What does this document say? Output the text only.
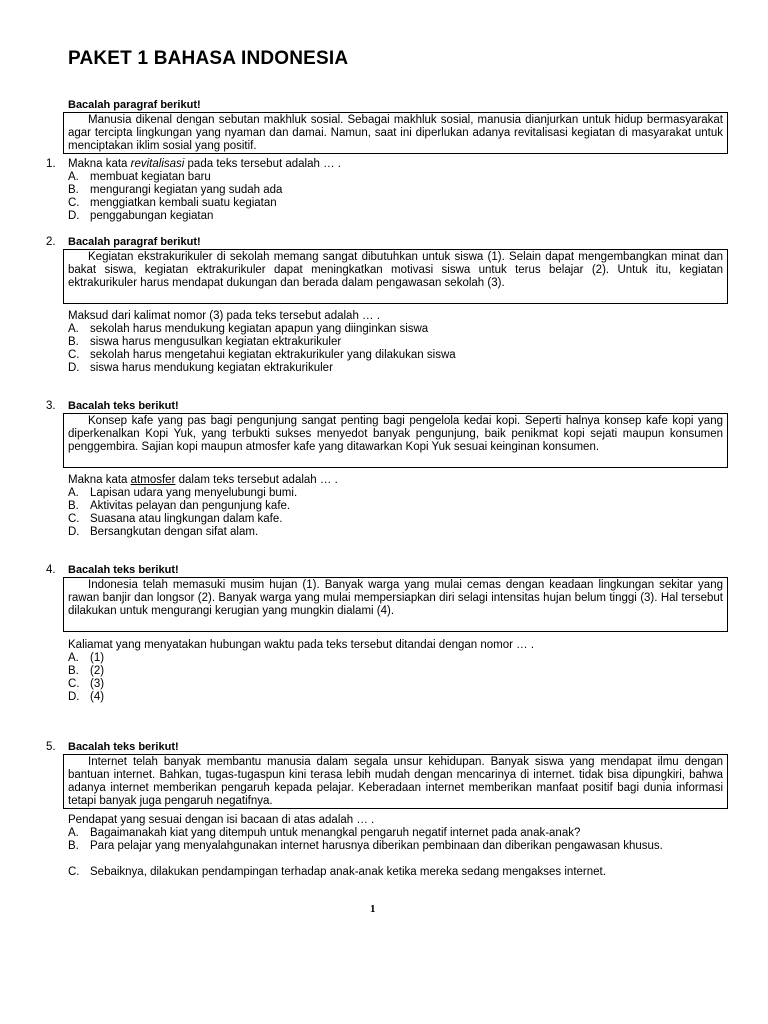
PAKET 1 BAHASA INDONESIA
Bacalah paragraf berikut!

Manusia dikenal dengan sebutan makhluk sosial. Sebagai makhluk sosial, manusia dianjurkan untuk hidup bermasyarakat agar tercipta lingkungan yang nyaman dan damai. Namun, saat ini diperlukan adanya revitalisasi kegiatan di masyarakat untuk menciptakan iklim sosial yang positif.

1. Makna kata revitalisasi pada teks tersebut adalah … .
A. membuat kegiatan baru
B. mengurangi kegiatan yang sudah ada
C. menggiatkan kembali suatu kegiatan
D. penggabungan kegiatan
2. Bacalah paragraf berikut!

Kegiatan ekstrakurikuler di sekolah memang sangat dibutuhkan untuk siswa (1). Selain dapat mengembangkan minat dan bakat siswa, kegiatan ektrakurikuler dapat meningkatkan motivasi siswa untuk terus belajar (2). Untuk itu, kegiatan ektrakurikuler harus mendapat dukungan dan berada dalam pengawasan sekolah (3).

Maksud dari kalimat nomor (3) pada teks tersebut adalah … .
A. sekolah harus mendukung kegiatan apapun yang diinginkan siswa
B. siswa harus mengusulkan kegiatan ektrakurikuler
C. sekolah harus mengetahui kegiatan ektrakurikuler yang dilakukan siswa
D. siswa harus mendukung kegiatan ektrakurikuler
3. Bacalah teks berikut!

Konsep kafe yang pas bagi pengunjung sangat penting bagi pengelola kedai kopi. Seperti halnya konsep kafe kopi yang diperkenalkan Kopi Yuk, yang terbukti sukses menyedot banyak pengunjung, baik penikmat kopi sejati maupun konsumen penggembira. Sajian kopi maupun atmosfer kafe yang ditawarkan Kopi Yuk sesuai keinginan konsumen.

Makna kata atmosfer dalam teks tersebut adalah … .
A. Lapisan udara yang menyelubungi bumi.
B. Aktivitas pelayan dan pengunjung kafe.
C. Suasana atau lingkungan dalam kafe.
D. Bersangkutan dengan sifat alam.
4. Bacalah teks berikut!

Indonesia telah memasuki musim hujan (1). Banyak warga yang mulai cemas dengan keadaan lingkungan sekitar yang rawan banjir dan longsor (2). Banyak warga yang mulai mempersiapkan diri selagi intensitas hujan belum tinggi (3). Hal tersebut dilakukan untuk mengurangi kerugian yang mungkin dialami (4).

Kaliamat yang menyatakan hubungan waktu pada teks tersebut ditandai dengan nomor … .
A. (1)
B. (2)
C. (3)
D. (4)
5. Bacalah teks berikut!

Internet telah banyak membantu manusia dalam segala unsur kehidupan. Banyak siswa yang mendapat ilmu dengan bantuan internet. Bahkan, tugas-tugaspun kini terasa lebih mudah dengan mencarinya di internet. tidak bisa dipungkiri, bahwa adanya internet memberikan pengaruh kepada pelajar. Keberadaan internet memberikan manfaat positif bagi dunia informasi tetapi banyak juga pengaruh negatifnya.

Pendapat yang sesuai dengan isi bacaan di atas adalah … .
A. Bagaimanakah kiat yang ditempuh untuk menangkal pengaruh negatif internet pada anak-anak?
B. Para pelajar yang menyalahgunakan internet harusnya diberikan pembinaan dan diberikan pengawasan khusus.
C. Sebaiknya, dilakukan pendampingan terhadap anak-anak ketika mereka sedang mengakses internet.
1
